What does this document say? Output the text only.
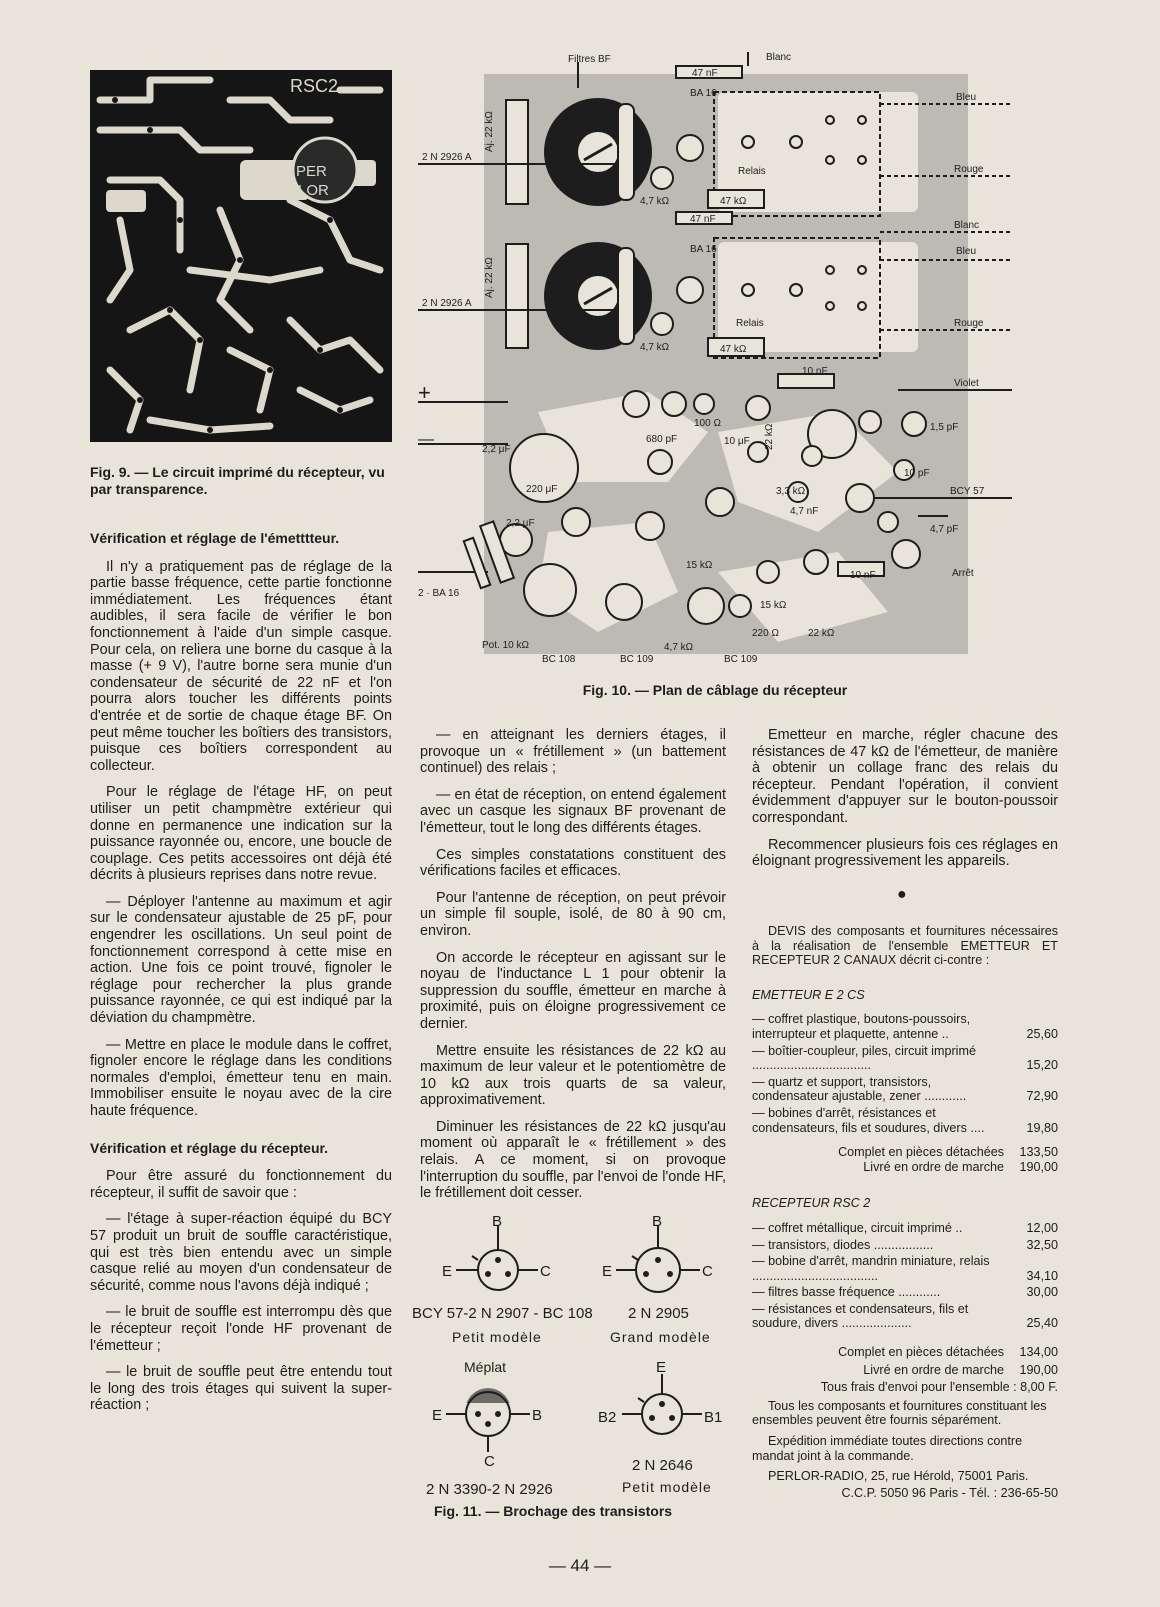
RSC2
PER
LOR
Fig. 9. — Le circuit imprimé du récepteur, vu par transparence.
Filtres BF	Blanc
Bleu
Rouge
Blanc
Bleu
Rouge
Violet
Arrêt
Relais
Relais
47 nF
47 nF
47 kΩ
47 kΩ
BA 16
BA 16
2 N 2926 A
2 N 2926 A
Aj. 22 kΩ
Aj. 22 kΩ
4,7 kΩ
4,7 kΩ
10 nF
10 nF
220 μF
2,2 μF
2,2 μF
680 pF
100 Ω
10 μF 22 kΩ
3,3 kΩ
4,7 nF
1,5 pF
10 pF
BCY 57
4,7 pF
15 kΩ
15 kΩ
220 Ω	22 kΩ
Pot. 10 kΩ
BC 108	BC 109	BC 109
4,7 kΩ
2 · BA 16
+
—
Fig. 10. — Plan de câblage du récepteur
Vérification et réglage de l'émetttteur.

Il n'y a pratiquement pas de réglage de la partie basse fréquence, cette partie fonctionne immédiatement. Les fréquences étant audibles, il sera facile de vérifier le bon fonctionnement à l'aide d'un simple casque. Pour cela, on reliera une borne du casque à la masse (+ 9 V), l'autre borne sera munie d'un condensateur de sécurité de 22 nF et l'on pourra alors toucher les différents points d'entrée et de sortie de chaque étage BF. On peut même toucher les boîtiers des transistors, puisque ces boîtiers correspondent au collecteur.

Pour le réglage de l'étage HF, on peut utiliser un petit champmètre extérieur qui donne en permanence une indication sur la puissance rayonnée ou, encore, une boucle de couplage. Ces petits accessoires ont déjà été décrits à plusieurs reprises dans notre revue.

— Déployer l'antenne au maximum et agir sur le condensateur ajustable de 25 pF, pour engendrer les oscillations. Un seul point de fonctionnement correspond à cette mise en action. Une fois ce point trouvé, fignoler le réglage pour rechercher la plus grande puissance rayonnée, ce qui est indiqué par la déviation du champmètre.

— Mettre en place le module dans le coffret, fignoler encore le réglage dans les conditions normales d'emploi, émetteur tenu en main. Immobiliser ensuite le noyau avec de la cire haute fréquence.

Vérification et réglage du récepteur.

Pour être assuré du fonctionnement du récepteur, il suffit de savoir que :

— l'étage à super-réaction équipé du BCY 57 produit un bruit de souffle caractéristique, qui est très bien entendu avec un simple casque relié au moyen d'un condensateur de sécurité, comme nous l'avons déjà indiqué ;

— le bruit de souffle est interrompu dès que le récepteur reçoit l'onde HF provenant de l'émetteur ;

— le bruit de souffle peut être entendu tout le long des trois étages qui suivent la super-réaction ;

— en atteignant les derniers étages, il provoque un « frétillement » (un battement continuel) des relais ;

— en état de réception, on entend également avec un casque les signaux BF provenant de l'émetteur, tout le long des différents étages.

Ces simples constatations constituent des vérifications faciles et efficaces.

Pour l'antenne de réception, on peut prévoir un simple fil souple, isolé, de 80 à 90 cm, environ.

On accorde le récepteur en agissant sur le noyau de l'inductance L 1 pour obtenir la suppression du souffle, émetteur en marche à proximité, puis on éloigne progressivement ce dernier.

Mettre ensuite les résistances de 22 kΩ au maximum de leur valeur et le potentiomètre de 10 kΩ aux trois quarts de sa valeur, approximativement.

Diminuer les résistances de 22 kΩ jusqu'au moment où apparaît le « frétillement » des relais. A ce moment, si on provoque l'interruption du souffle, par l'envoi de l'onde HF, le frétillement doit cesser.

B
E	C
BCY 57-2 N 2907 - BC 108
Petit modèle
B
E	C
2 N 2905
Grand modèle
Méplat
E	B
C
2 N 3390-2 N 2926
E
B2	B1
2 N 2646
Petit modèle
Fig. 11. — Brochage des transistors

Emetteur en marche, régler chacune des résistances de 47 kΩ de l'émetteur, de manière à obtenir un collage franc des relais du récepteur. Pendant l'opération, il convient évidemment d'appuyer sur le bouton-poussoir correspondant.

Recommencer plusieurs fois ces réglages en éloignant progressivement les appareils.

●

DEVIS des composants et fournitures nécessaires à la réalisation de l'ensemble EMETTEUR ET RECEPTEUR 2 CANAUX décrit ci-contre :

EMETTEUR E 2 CS

— coffret plastique, boutons-poussoirs, interrupteur et plaquette, antenne ..	25,60
— boîtier-coupleur, piles, circuit imprimé ..................................	15,20
— quartz et support, transistors, condensateur ajustable, zener ............	72,90
— bobines d'arrêt, résistances et condensateurs, fils et soudures, divers ....	19,80
Complet en pièces détachées	133,50
Livré en ordre de marche	190,00

RECEPTEUR RSC 2

— coffret métallique, circuit imprimé ..	12,00
— transistors, diodes .................	32,50
— bobine d'arrêt, mandrin miniature, relais ....................................	34,10
— filtres basse fréquence ............	30,00
— résistances et condensateurs, fils et soudure, divers ....................	25,40
Complet en pièces détachées	134,00
Livré en ordre de marche	190,00

Tous frais d'envoi pour l'ensemble : 8,00 F.

Tous les composants et fournitures constituant les ensembles peuvent être fournis séparément.

Expédition immédiate toutes directions contre mandat joint à la commande.

PERLOR-RADIO, 25, rue Hérold, 75001 Paris.

C.C.P. 5050 96 Paris - Tél. : 236-65-50

— 44 —
